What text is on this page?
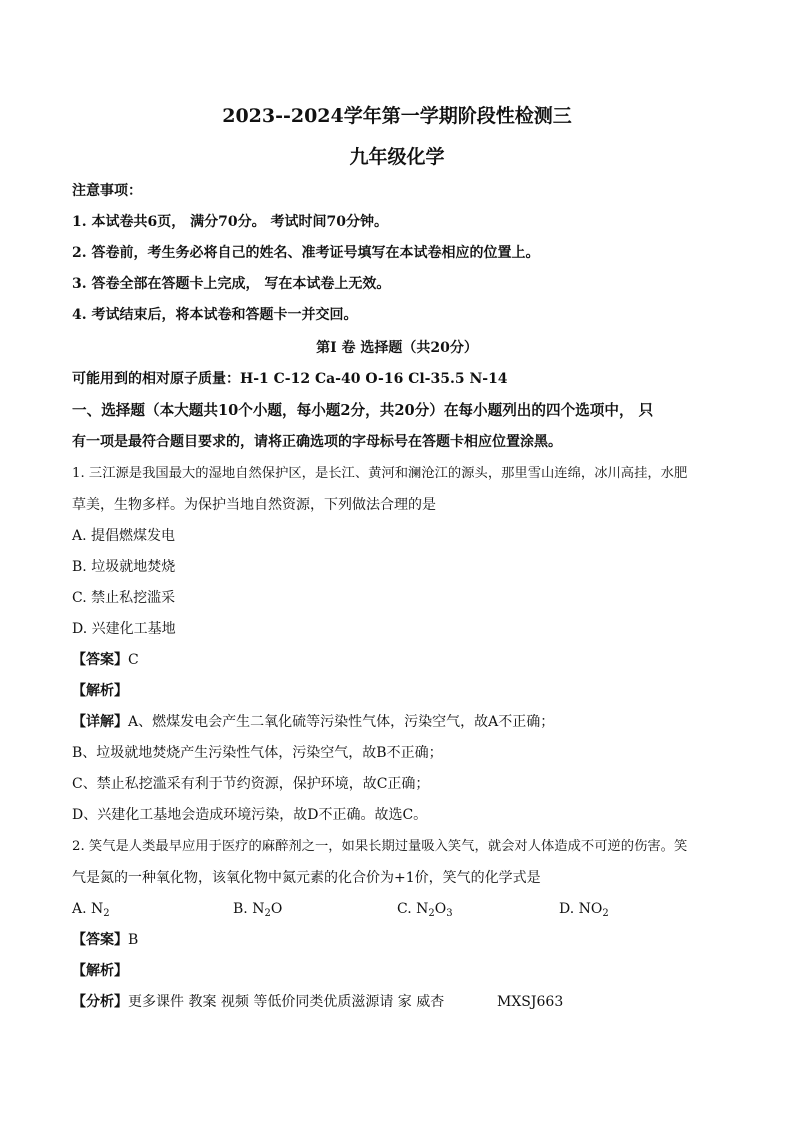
2023--2024学年第一学期阶段性检测三
九年级化学
注意事项：
1. 本试卷共6页， 满分70分。 考试时间70分钟。
2. 答卷前，考生务必将自己的姓名、准考证号填写在本试卷相应的位置上。
3. 答卷全部在答题卡上完成， 写在本试卷上无效。
4. 考试结束后，将本试卷和答题卡一并交回。
第I 卷 选择题（共20分）
可能用到的相对原子质量：H-1 C-12 Ca-40 O-16 Cl-35.5 N-14
一、选择题（本大题共10个小题，每小题2分，共20分）在每小题列出的四个选项中， 只
有一项是最符合题目要求的，请将正确选项的字母标号在答题卡相应位置涂黑。
1. 三江源是我国最大的湿地自然保护区，是长江、黄河和澜沧江的源头，那里雪山连绵，冰川高挂，水肥
草美，生物多样。为保护当地自然资源，下列做法合理的是
A. 提倡燃煤发电
B. 垃圾就地焚烧
C. 禁止私挖滥采
D. 兴建化工基地
【答案】C
【解析】
【详解】A、燃煤发电会产生二氧化硫等污染性气体，污染空气，故A不正确；
B、垃圾就地焚烧产生污染性气体，污染空气，故B不正确；
C、禁止私挖滥采有利于节约资源，保护环境，故C正确；
D、兴建化工基地会造成环境污染，故D不正确。故选C。
2. 笑气是人类最早应用于医疗的麻醉剂之一，如果长期过量吸入笑气，就会对人体造成不可逆的伤害。笑
气是氮的一种氧化物，该氧化物中氮元素的化合价为+1价，笑气的化学式是
A. $N_2$	B. $N_2O$	C. $N_2O_3$	D. $NO_2$
【答案】B
【解析】
【分析】更多课件 教案 视频 等低价同类优质滋源请 家 威杏	MXSJ663
